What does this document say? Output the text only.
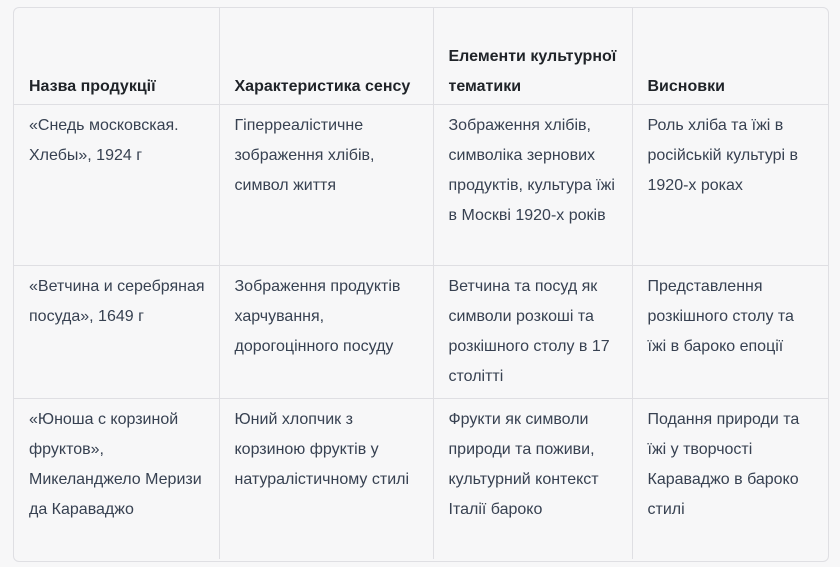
Назва продукції	Характеристика сенсу	Елементи культурної тематики	Висновки
«Снедь московская. Хлебы», 1924 г	Гіперреалістичне зображення хлібів, символ життя	Зображення хлібів, символіка зернових продуктів, культура їжі в Москві 1920-х років	Роль хліба та їжі в російській культурі в 1920-х роках
«Ветчина и серебряная посуда», 1649 г	Зображення продуктів харчування, дорогоцінного посуду	Ветчина та посуд як символи розкоші та розкішного столу в 17 столітті	Представлення розкішного столу та їжі в бароко епоції
«Юноша с корзиной фруктов», Микеланджело Меризи да Караваджо	Юний хлопчик з корзиною фруктів у натуралістичному стилі	Фрукти як символи природи та поживи, культурний контекст Італії бароко	Подання природи та їжі у творчості Караваджо в бароко стилі
